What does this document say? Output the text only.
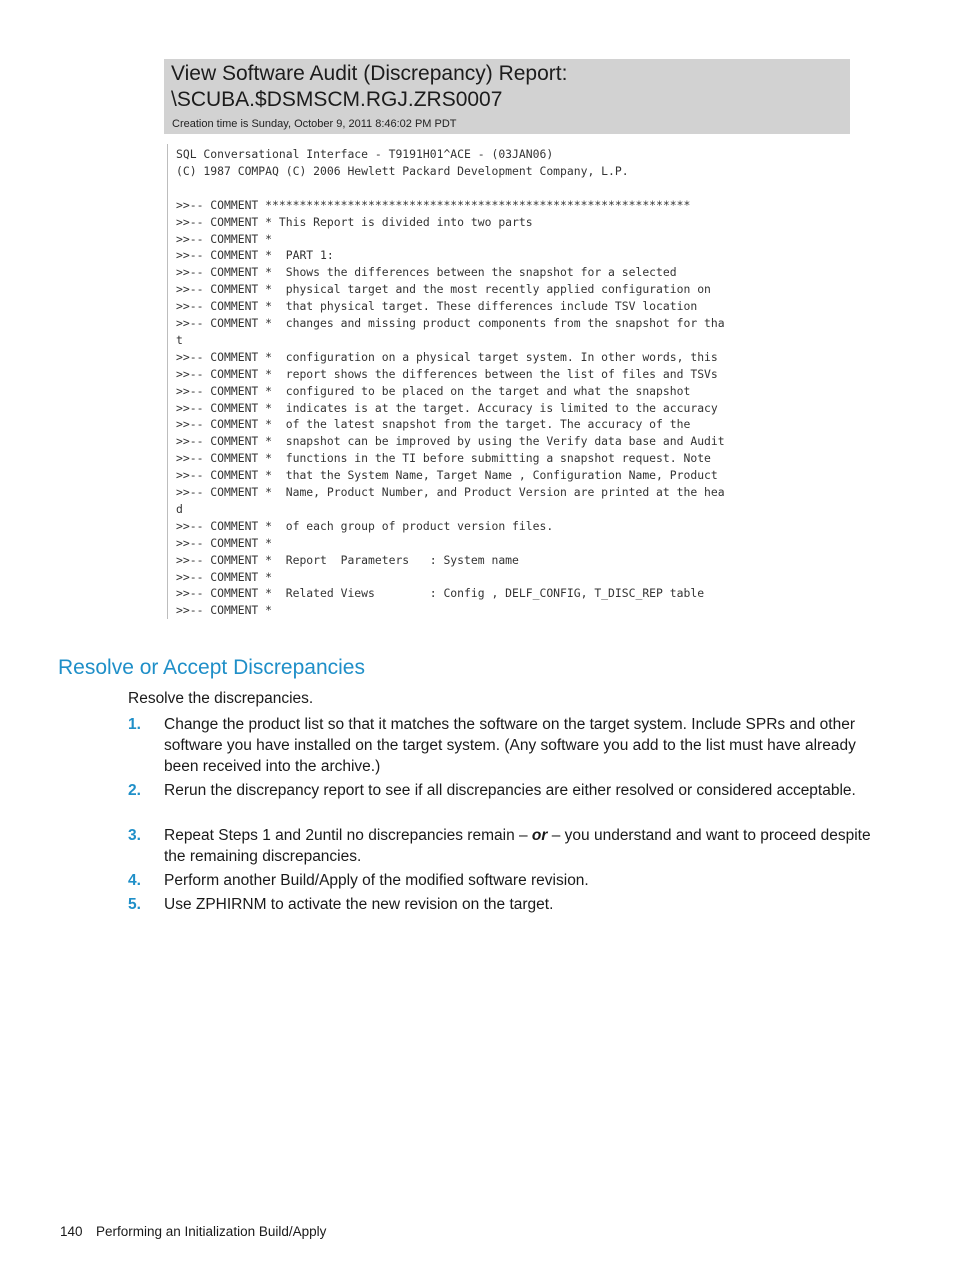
View Software Audit (Discrepancy) Report:
\SCUBA.$DSMSCM.RGJ.ZRS0007
Creation time is Sunday, October 9, 2011 8:46:02 PM PDT
SQL Conversational Interface - T9191H01^ACE - (03JAN06)
(C) 1987 COMPAQ (C) 2006 Hewlett Packard Development Company, L.P.
>>-- COMMENT **************************************************************
>>-- COMMENT * This Report is divided into two parts
>>-- COMMENT *
>>-- COMMENT *  PART 1:
>>-- COMMENT *  Shows the differences between the snapshot for a selected
>>-- COMMENT *  physical target and the most recently applied configuration on
>>-- COMMENT *  that physical target. These differences include TSV location
>>-- COMMENT *  changes and missing product components from the snapshot for tha
t
>>-- COMMENT *  configuration on a physical target system. In other words, this
>>-- COMMENT *  report shows the differences between the list of files and TSVs
>>-- COMMENT *  configured to be placed on the target and what the snapshot
>>-- COMMENT *  indicates is at the target. Accuracy is limited to the accuracy
>>-- COMMENT *  of the latest snapshot from the target. The accuracy of the
>>-- COMMENT *  snapshot can be improved by using the Verify data base and Audit
>>-- COMMENT *  functions in the TI before submitting a snapshot request. Note
>>-- COMMENT *  that the System Name, Target Name , Configuration Name, Product
>>-- COMMENT *  Name, Product Number, and Product Version are printed at the hea
d
>>-- COMMENT *  of each group of product version files.
>>-- COMMENT *
>>-- COMMENT *  Report  Parameters   : System name
>>-- COMMENT *
>>-- COMMENT *  Related Views        : Config , DELF_CONFIG, T_DISC_REP table
>>-- COMMENT *
Resolve or Accept Discrepancies
Resolve the discrepancies.
1. Change the product list so that it matches the software on the target system. Include SPRs and other software you have installed on the target system. (Any software you add to the list must have already been received into the archive.)
2. Rerun the discrepancy report to see if all discrepancies are either resolved or considered acceptable.
3. Repeat Steps 1 and 2until no discrepancies remain – or – you understand and want to proceed despite the remaining discrepancies.
4. Perform another Build/Apply of the modified software revision.
5. Use ZPHIRNM to activate the new revision on the target.
140 Performing an Initialization Build/Apply
